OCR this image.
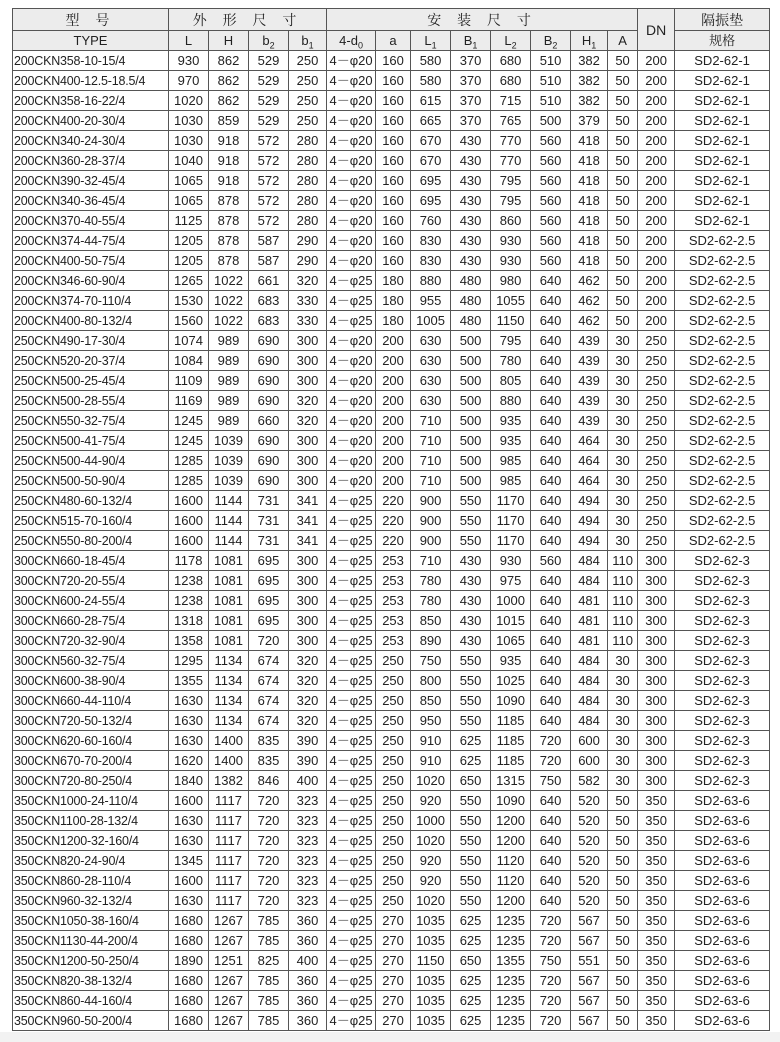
型 号	外 形 尺 寸				安 装 尺 寸								DN	隔振垫
TYPE	L	H	$b_2$	$b_1$	$4-d_0$	a	$L_1$	$B_1$	$L_2$	$B_2$	$H_1$	A		规格
200CKN358-10-15/4	930	862	529	250	4－φ20	160	580	370	680	510	382	50	200	SD2-62-1
200CKN400-12.5-18.5/4	970	862	529	250	4－φ20	160	580	370	680	510	382	50	200	SD2-62-1
200CKN358-16-22/4	1020	862	529	250	4－φ20	160	615	370	715	510	382	50	200	SD2-62-1
200CKN400-20-30/4	1030	859	529	250	4－φ20	160	665	370	765	500	379	50	200	SD2-62-1
200CKN340-24-30/4	1030	918	572	280	4－φ20	160	670	430	770	560	418	50	200	SD2-62-1
200CKN360-28-37/4	1040	918	572	280	4－φ20	160	670	430	770	560	418	50	200	SD2-62-1
200CKN390-32-45/4	1065	918	572	280	4－φ20	160	695	430	795	560	418	50	200	SD2-62-1
200CKN340-36-45/4	1065	878	572	280	4－φ20	160	695	430	795	560	418	50	200	SD2-62-1
200CKN370-40-55/4	1125	878	572	280	4－φ20	160	760	430	860	560	418	50	200	SD2-62-1
200CKN374-44-75/4	1205	878	587	290	4－φ20	160	830	430	930	560	418	50	200	SD2-62-2.5
200CKN400-50-75/4	1205	878	587	290	4－φ20	160	830	430	930	560	418	50	200	SD2-62-2.5
200CKN346-60-90/4	1265	1022	661	320	4－φ25	180	880	480	980	640	462	50	200	SD2-62-2.5
200CKN374-70-110/4	1530	1022	683	330	4－φ25	180	955	480	1055	640	462	50	200	SD2-62-2.5
200CKN400-80-132/4	1560	1022	683	330	4－φ25	180	1005	480	1150	640	462	50	200	SD2-62-2.5
250CKN490-17-30/4	1074	989	690	300	4－φ20	200	630	500	795	640	439	30	250	SD2-62-2.5
250CKN520-20-37/4	1084	989	690	300	4－φ20	200	630	500	780	640	439	30	250	SD2-62-2.5
250CKN500-25-45/4	1109	989	690	300	4－φ20	200	630	500	805	640	439	30	250	SD2-62-2.5
250CKN500-28-55/4	1169	989	690	320	4－φ20	200	630	500	880	640	439	30	250	SD2-62-2.5
250CKN550-32-75/4	1245	989	660	320	4－φ20	200	710	500	935	640	439	30	250	SD2-62-2.5
250CKN500-41-75/4	1245	1039	690	300	4－φ20	200	710	500	935	640	464	30	250	SD2-62-2.5
250CKN500-44-90/4	1285	1039	690	300	4－φ20	200	710	500	985	640	464	30	250	SD2-62-2.5
250CKN500-50-90/4	1285	1039	690	300	4－φ20	200	710	500	985	640	464	30	250	SD2-62-2.5
250CKN480-60-132/4	1600	1144	731	341	4－φ25	220	900	550	1170	640	494	30	250	SD2-62-2.5
250CKN515-70-160/4	1600	1144	731	341	4－φ25	220	900	550	1170	640	494	30	250	SD2-62-2.5
250CKN550-80-200/4	1600	1144	731	341	4－φ25	220	900	550	1170	640	494	30	250	SD2-62-2.5
300CKN660-18-45/4	1178	1081	695	300	4－φ25	253	710	430	930	560	484	110	300	SD2-62-3
300CKN720-20-55/4	1238	1081	695	300	4－φ25	253	780	430	975	640	484	110	300	SD2-62-3
300CKN600-24-55/4	1238	1081	695	300	4－φ25	253	780	430	1000	640	481	110	300	SD2-62-3
300CKN660-28-75/4	1318	1081	695	300	4－φ25	253	850	430	1015	640	481	110	300	SD2-62-3
300CKN720-32-90/4	1358	1081	720	300	4－φ25	253	890	430	1065	640	481	110	300	SD2-62-3
300CKN560-32-75/4	1295	1134	674	320	4－φ25	250	750	550	935	640	484	30	300	SD2-62-3
300CKN600-38-90/4	1355	1134	674	320	4－φ25	250	800	550	1025	640	484	30	300	SD2-62-3
300CKN660-44-110/4	1630	1134	674	320	4－φ25	250	850	550	1090	640	484	30	300	SD2-62-3
300CKN720-50-132/4	1630	1134	674	320	4－φ25	250	950	550	1185	640	484	30	300	SD2-62-3
300CKN620-60-160/4	1630	1400	835	390	4－φ25	250	910	625	1185	720	600	30	300	SD2-62-3
300CKN670-70-200/4	1620	1400	835	390	4－φ25	250	910	625	1185	720	600	30	300	SD2-62-3
300CKN720-80-250/4	1840	1382	846	400	4－φ25	250	1020	650	1315	750	582	30	300	SD2-62-3
350CKN1000-24-110/4	1600	1117	720	323	4－φ25	250	920	550	1090	640	520	50	350	SD2-63-6
350CKN1100-28-132/4	1630	1117	720	323	4－φ25	250	1000	550	1200	640	520	50	350	SD2-63-6
350CKN1200-32-160/4	1630	1117	720	323	4－φ25	250	1020	550	1200	640	520	50	350	SD2-63-6
350CKN820-24-90/4	1345	1117	720	323	4－φ25	250	920	550	1120	640	520	50	350	SD2-63-6
350CKN860-28-110/4	1600	1117	720	323	4－φ25	250	920	550	1120	640	520	50	350	SD2-63-6
350CKN960-32-132/4	1630	1117	720	323	4－φ25	250	1020	550	1200	640	520	50	350	SD2-63-6
350CKN1050-38-160/4	1680	1267	785	360	4－φ25	270	1035	625	1235	720	567	50	350	SD2-63-6
350CKN1130-44-200/4	1680	1267	785	360	4－φ25	270	1035	625	1235	720	567	50	350	SD2-63-6
350CKN1200-50-250/4	1890	1251	825	400	4－φ25	270	1150	650	1355	750	551	50	350	SD2-63-6
350CKN820-38-132/4	1680	1267	785	360	4－φ25	270	1035	625	1235	720	567	50	350	SD2-63-6
350CKN860-44-160/4	1680	1267	785	360	4－φ25	270	1035	625	1235	720	567	50	350	SD2-63-6
350CKN960-50-200/4	1680	1267	785	360	4－φ25	270	1035	625	1235	720	567	50	350	SD2-63-6
